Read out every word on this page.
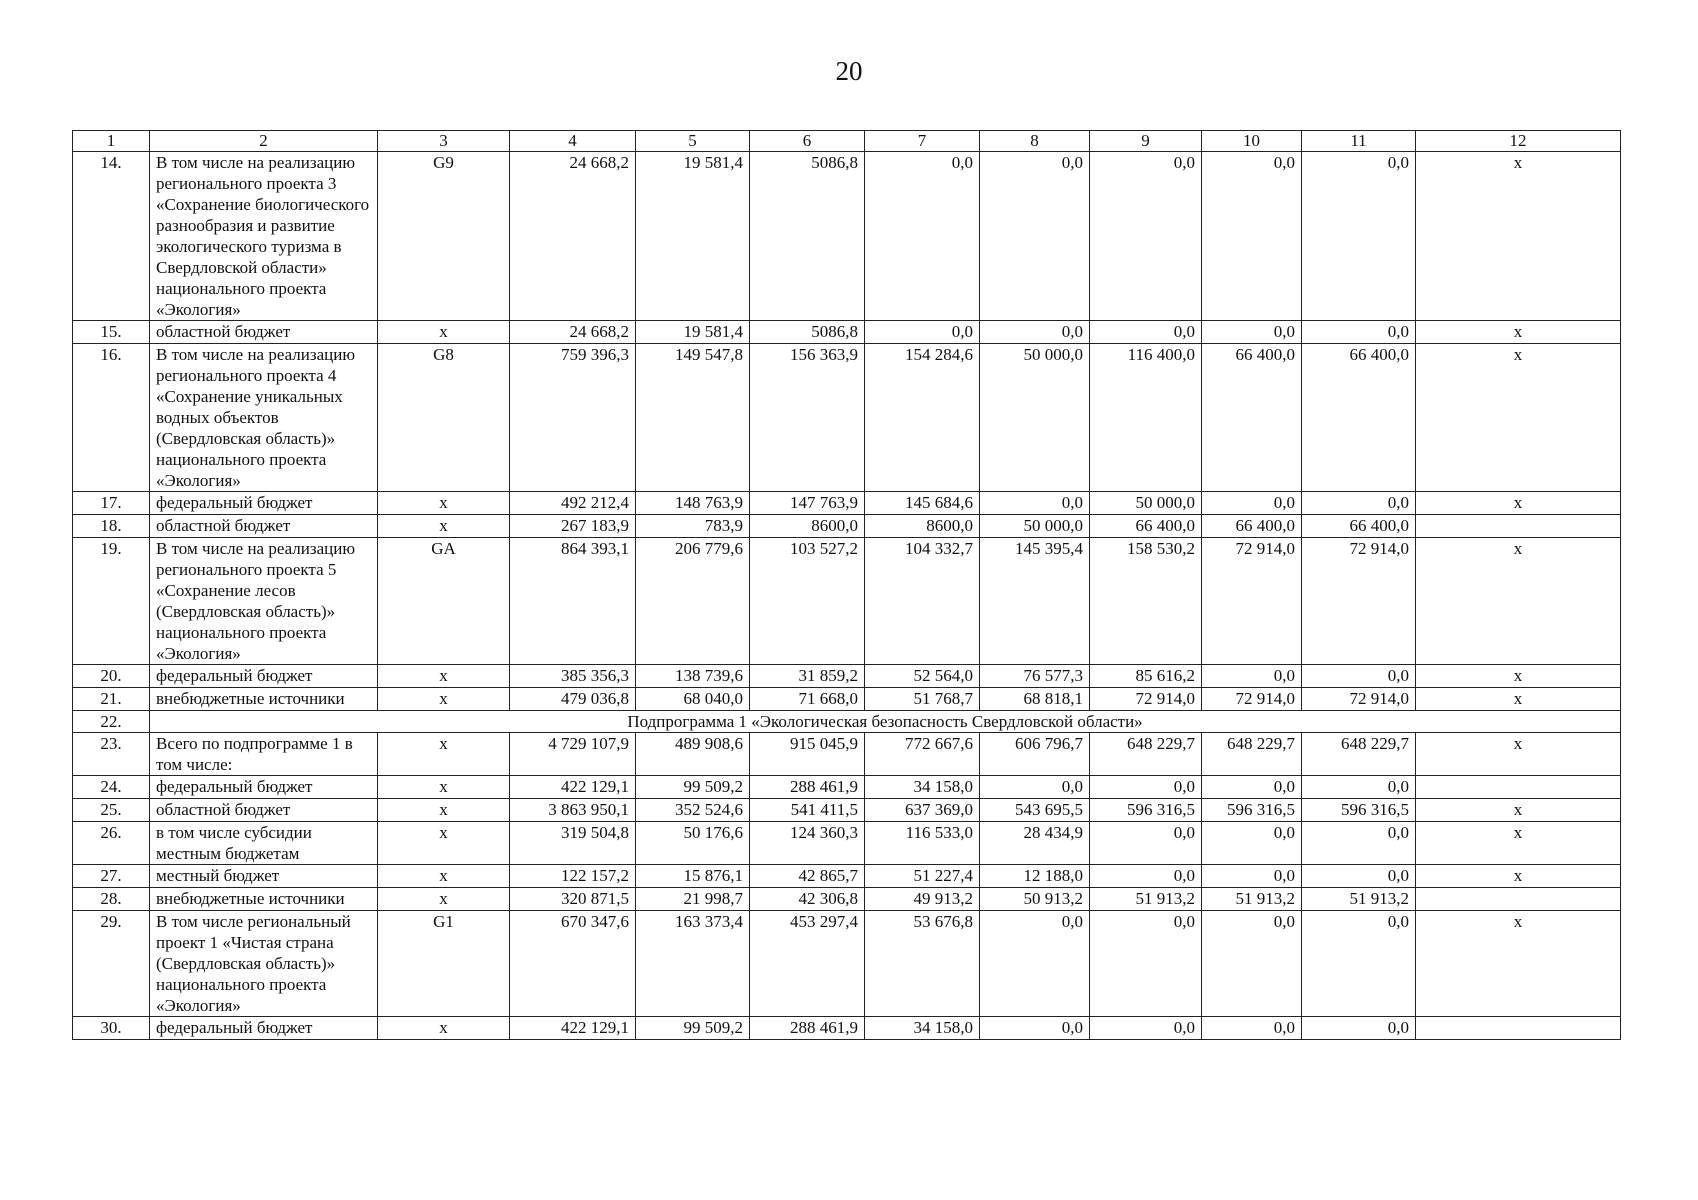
20
1	2	3	4	5	6	7	8	9	10	11	12
14.	В том числе на реализацию регионального проекта 3 «Сохранение биологического разнообразия и развитие экологического туризма в Свердловской области» национального проекта «Экология»	G9	24 668,2	19 581,4	5086,8	0,0	0,0	0,0	0,0	0,0	x
15.	областной бюджет	x	24 668,2	19 581,4	5086,8	0,0	0,0	0,0	0,0	0,0	x
16.	В том числе на реализацию регионального проекта 4 «Сохранение уникальных водных объектов (Свердловская область)» национального проекта «Экология»	G8	759 396,3	149 547,8	156 363,9	154 284,6	50 000,0	116 400,0	66 400,0	66 400,0	x
17.	федеральный бюджет	x	492 212,4	148 763,9	147 763,9	145 684,6	0,0	50 000,0	0,0	0,0	x
18.	областной бюджет	x	267 183,9	783,9	8600,0	8600,0	50 000,0	66 400,0	66 400,0	66 400,0	
19.	В том числе на реализацию регионального проекта 5 «Сохранение лесов (Свердловская область)» национального проекта «Экология»	GA	864 393,1	206 779,6	103 527,2	104 332,7	145 395,4	158 530,2	72 914,0	72 914,0	x
20.	федеральный бюджет	x	385 356,3	138 739,6	31 859,2	52 564,0	76 577,3	85 616,2	0,0	0,0	x
21.	внебюджетные источники	x	479 036,8	68 040,0	71 668,0	51 768,7	68 818,1	72 914,0	72 914,0	72 914,0	x
22.	Подпрограмма 1 «Экологическая безопасность Свердловской области»										
23.	Всего по подпрограмме 1 в том числе:	x	4 729 107,9	489 908,6	915 045,9	772 667,6	606 796,7	648 229,7	648 229,7	648 229,7	x
24.	федеральный бюджет	x	422 129,1	99 509,2	288 461,9	34 158,0	0,0	0,0	0,0	0,0	
25.	областной бюджет	x	3 863 950,1	352 524,6	541 411,5	637 369,0	543 695,5	596 316,5	596 316,5	596 316,5	x
26.	в том числе субсидии местным бюджетам	x	319 504,8	50 176,6	124 360,3	116 533,0	28 434,9	0,0	0,0	0,0	x
27.	местный бюджет	x	122 157,2	15 876,1	42 865,7	51 227,4	12 188,0	0,0	0,0	0,0	x
28.	внебюджетные источники	x	320 871,5	21 998,7	42 306,8	49 913,2	50 913,2	51 913,2	51 913,2	51 913,2	
29.	В том числе региональный проект 1 «Чистая страна (Свердловская область)» национального проекта «Экология»	G1	670 347,6	163 373,4	453 297,4	53 676,8	0,0	0,0	0,0	0,0	x
30.	федеральный бюджет	x	422 129,1	99 509,2	288 461,9	34 158,0	0,0	0,0	0,0	0,0	
